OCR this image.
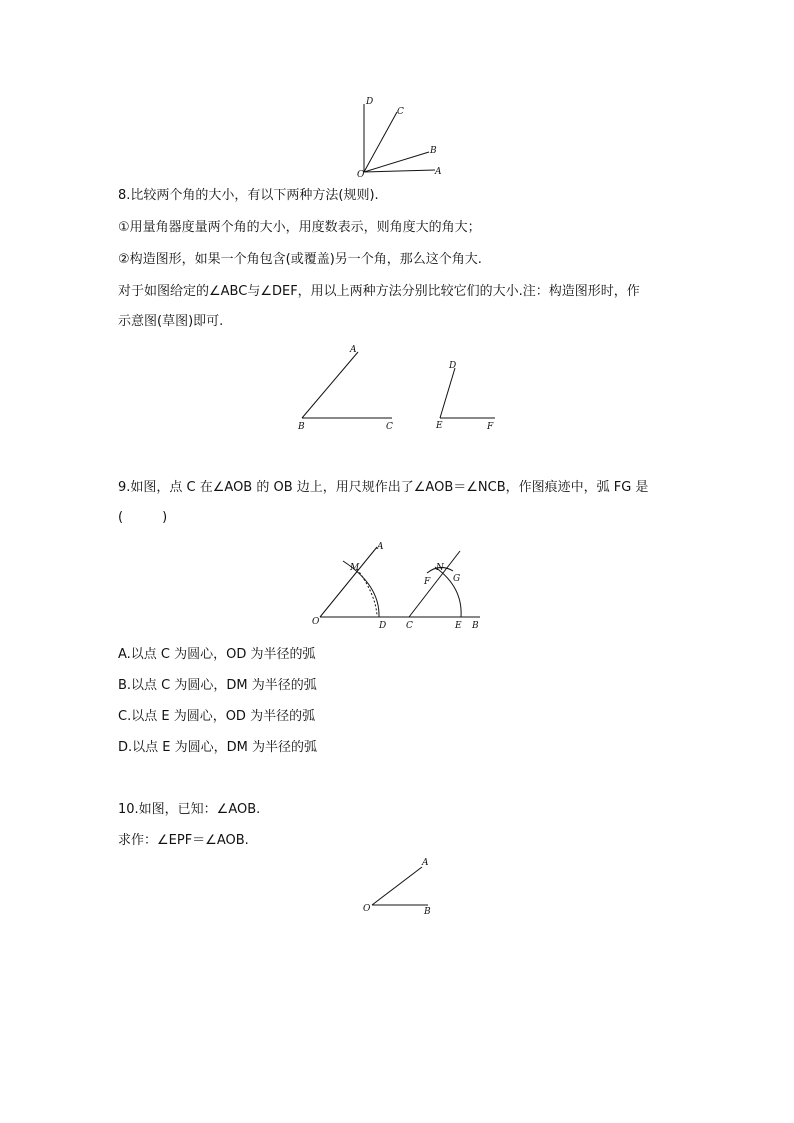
D
C
B
O	A
8.比较两个角的大小，有以下两种方法(规则).
①用量角器度量两个角的大小，用度数表示，则角度大的角大；
②构造图形，如果一个角包含(或覆盖)另一个角，那么这个角大.
对于如图给定的∠ABC与∠DEF，用以上两种方法分别比较它们的大小.注：构造图形时，作
示意图(草图)即可.
A
B	C
D
E	F
9.如图，点 C 在∠AOB 的 OB 边上，用尺规作出了∠AOB＝∠NCB，作图痕迹中，弧 FG 是
(　　　)
A
M	N
F	G
O	D C	E B
A.以点 C 为圆心，OD 为半径的弧
B.以点 C 为圆心，DM 为半径的弧
C.以点 E 为圆心，OD 为半径的弧
D.以点 E 为圆心，DM 为半径的弧
10.如图，已知：∠AOB.
求作：∠EPF＝∠AOB.
A
O	B
